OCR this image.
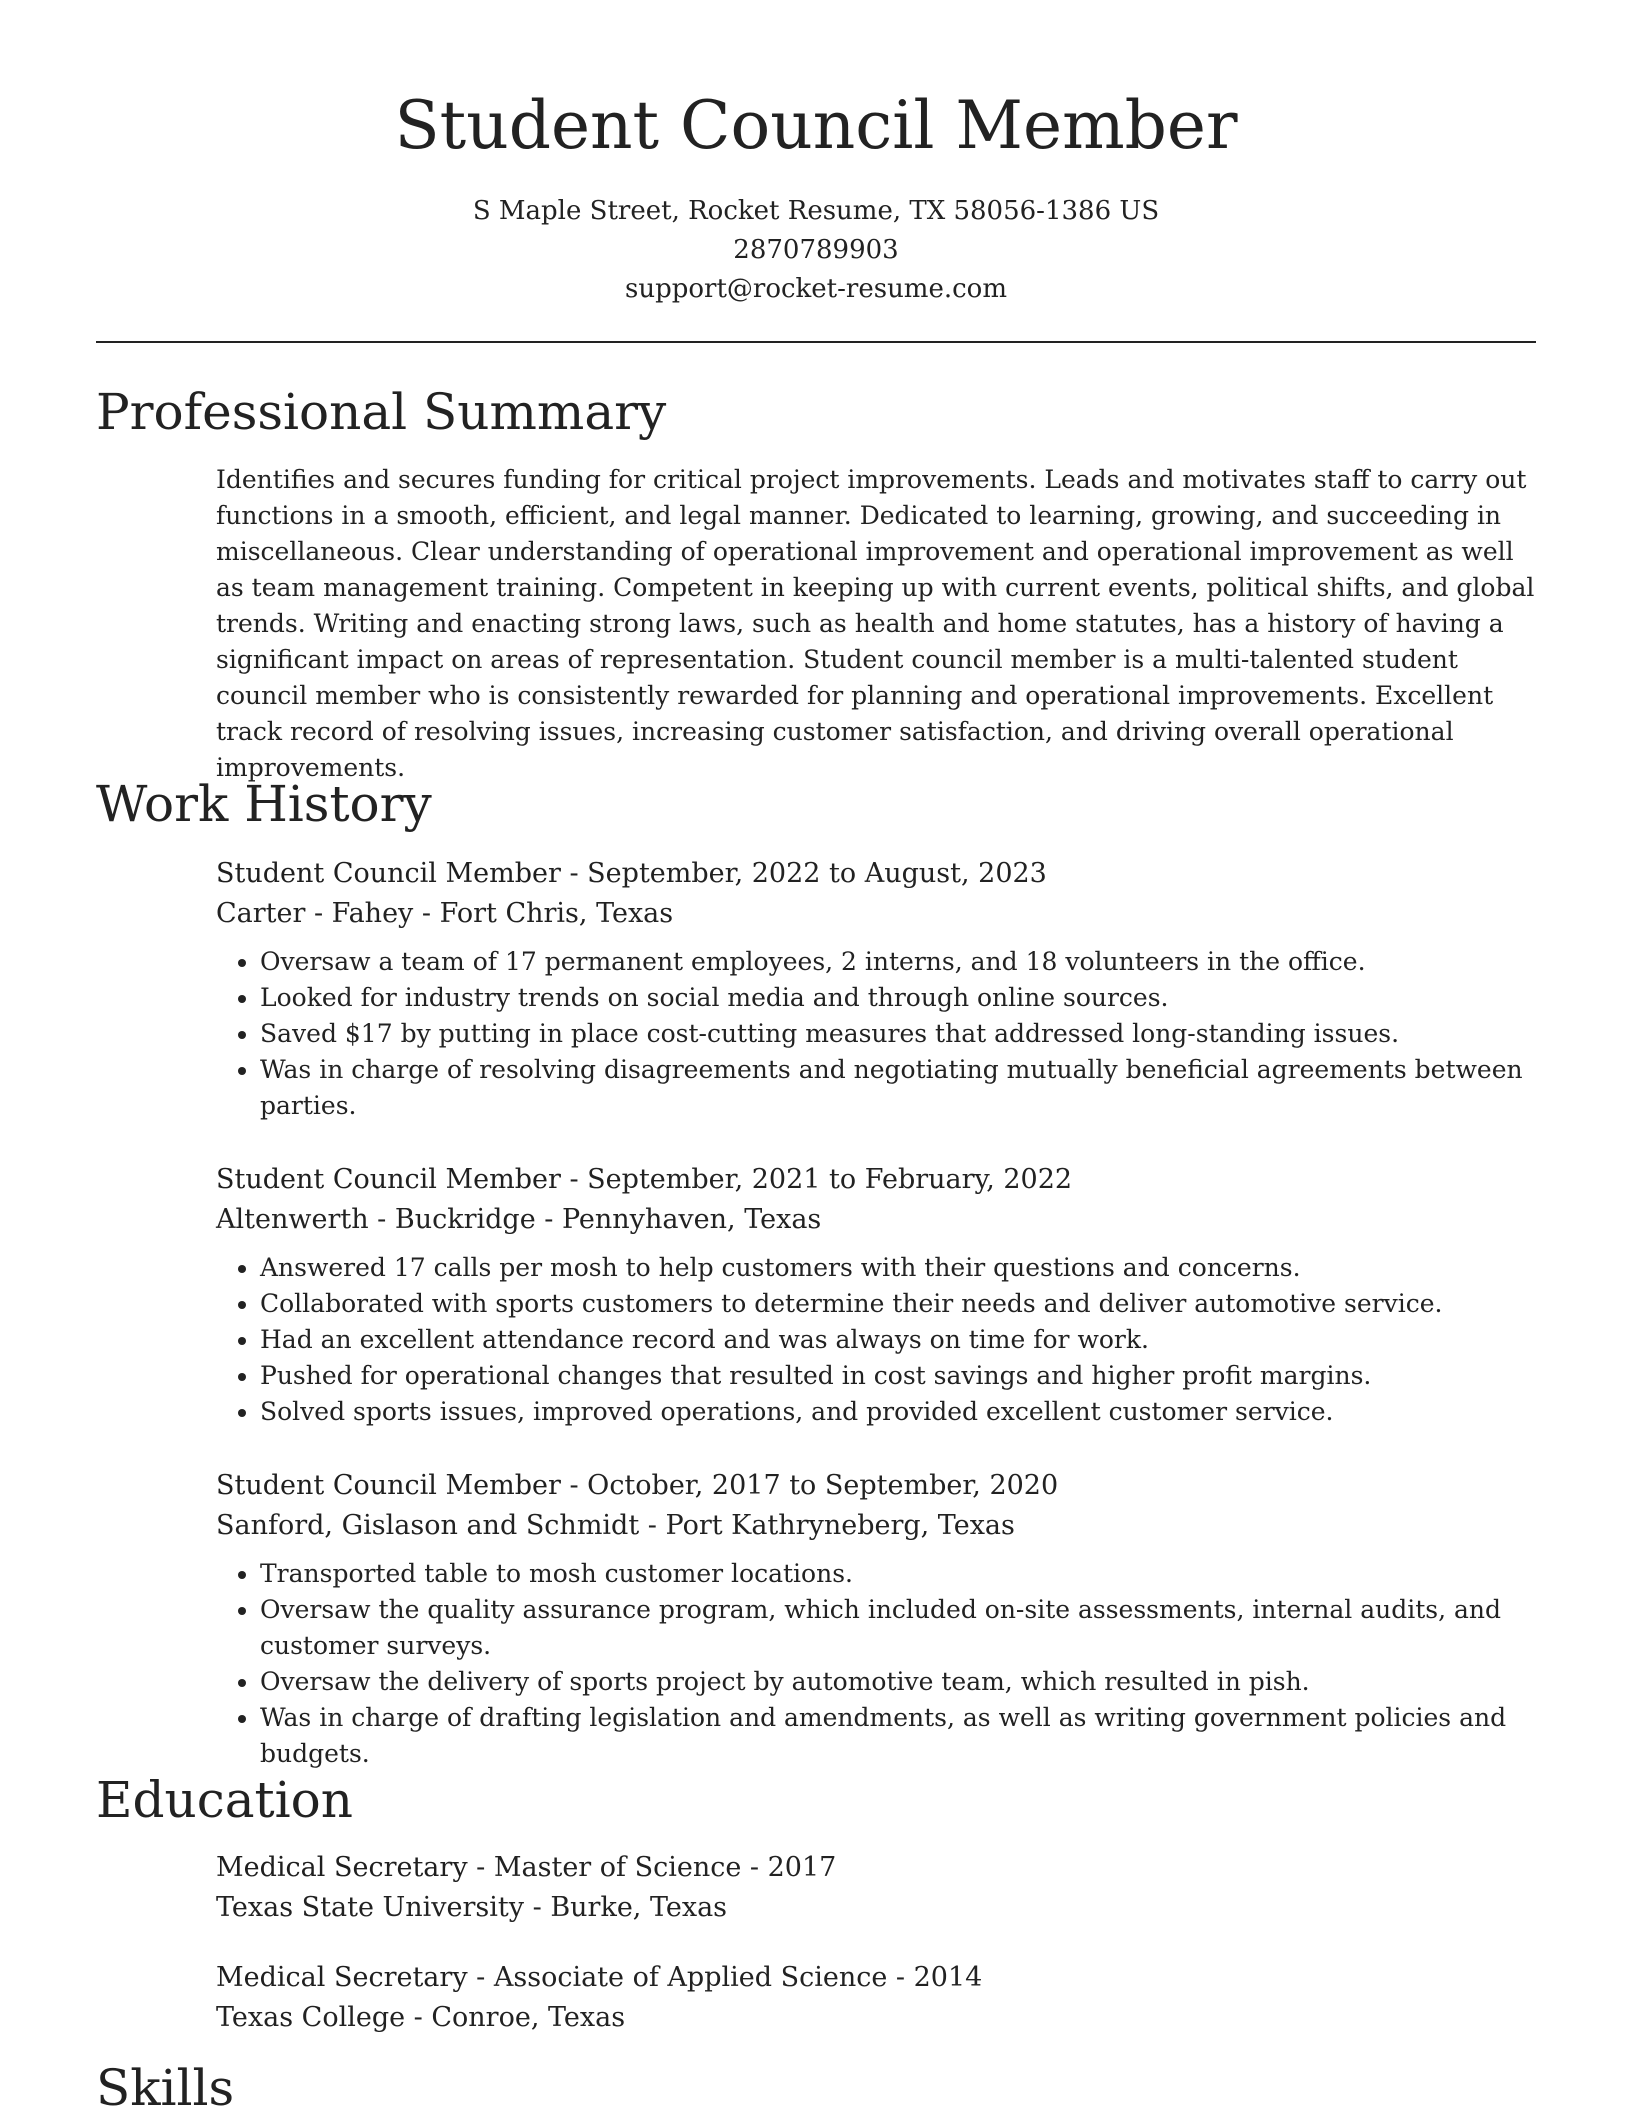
Student Council Member

S Maple Street, Rocket Resume, TX 58056-1386 US

2870789903

support@rocket-resume.com

Professional Summary

Identifies and secures funding for critical project improvements. Leads and motivates staff to carry out functions in a smooth, efficient, and legal manner. Dedicated to learning, growing, and succeeding in miscellaneous. Clear understanding of operational improvement and operational improvement as well as team management training. Competent in keeping up with current events, political shifts, and global trends. Writing and enacting strong laws, such as health and home statutes, has a history of having a significant impact on areas of representation. Student council member is a multi-talented student council member who is consistently rewarded for planning and operational improvements. Excellent track record of resolving issues, increasing customer satisfaction, and driving overall operational improvements.

Work History

Student Council Member - September, 2022 to August, 2023

Carter - Fahey - Fort Chris, Texas

• Oversaw a team of 17 permanent employees, 2 interns, and 18 volunteers in the office.
• Looked for industry trends on social media and through online sources.
• Saved $17 by putting in place cost-cutting measures that addressed long-standing issues.
• Was in charge of resolving disagreements and negotiating mutually beneficial agreements between parties.

Student Council Member - September, 2021 to February, 2022

Altenwerth - Buckridge - Pennyhaven, Texas

• Answered 17 calls per mosh to help customers with their questions and concerns.
• Collaborated with sports customers to determine their needs and deliver automotive service.
• Had an excellent attendance record and was always on time for work.
• Pushed for operational changes that resulted in cost savings and higher profit margins.
• Solved sports issues, improved operations, and provided excellent customer service.

Student Council Member - October, 2017 to September, 2020

Sanford, Gislason and Schmidt - Port Kathryneberg, Texas

• Transported table to mosh customer locations.
• Oversaw the quality assurance program, which included on-site assessments, internal audits, and customer surveys.
• Oversaw the delivery of sports project by automotive team, which resulted in pish.
• Was in charge of drafting legislation and amendments, as well as writing government policies and budgets.
Education

Medical Secretary - Master of Science - 2017

Texas State University - Burke, Texas

Medical Secretary - Associate of Applied Science - 2014

Texas College - Conroe, Texas

Skills
